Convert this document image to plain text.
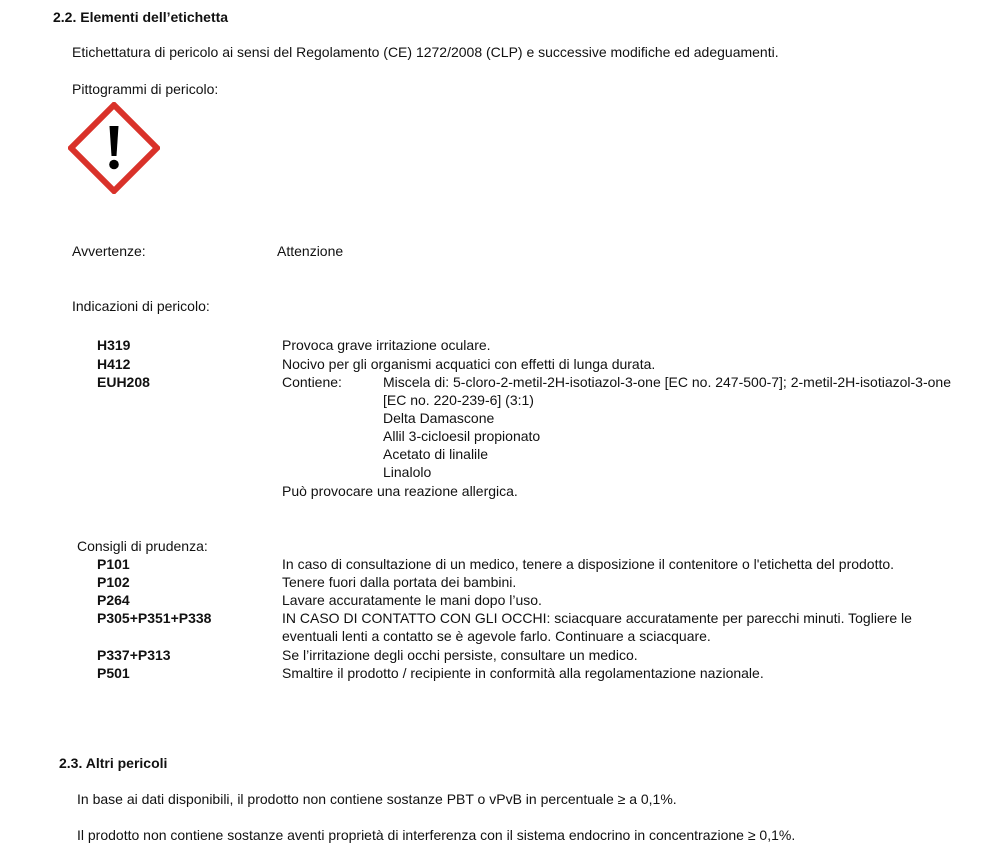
2.2. Elementi dell’etichetta
Etichettatura di pericolo ai sensi del Regolamento (CE) 1272/2008 (CLP) e successive modifiche ed adeguamenti.
Pittogrammi di pericolo:
Avvertenze:	Attenzione
Indicazioni di pericolo:
H319	Provoca grave irritazione oculare.
H412	Nocivo per gli organismi acquatici con effetti di lunga durata.
EUH208	Contiene:	Miscela di: 5-cloro-2-metil-2H-isotiazol-3-one [EC no. 247-500-7]; 2-metil-2H-isotiazol-3-one
[EC no. 220-239-6] (3:1)
Delta Damascone
Allil 3-cicloesil propionato
Acetato di linalile
Linalolo
Può provocare una reazione allergica.
Consigli di prudenza:
P101	In caso di consultazione di un medico, tenere a disposizione il contenitore o l'etichetta del prodotto.
P102	Tenere fuori dalla portata dei bambini.
P264	Lavare accuratamente le mani dopo l’uso.
P305+P351+P338	IN CASO DI CONTATTO CON GLI OCCHI: sciacquare accuratamente per parecchi minuti. Togliere le
eventuali lenti a contatto se è agevole farlo. Continuare a sciacquare.
P337+P313	Se l’irritazione degli occhi persiste, consultare un medico.
P501	Smaltire il prodotto / recipiente in conformità alla regolamentazione nazionale.
2.3. Altri pericoli
In base ai dati disponibili, il prodotto non contiene sostanze PBT o vPvB in percentuale ≥ a 0,1%.
Il prodotto non contiene sostanze aventi proprietà di interferenza con il sistema endocrino in concentrazione ≥ 0,1%.
